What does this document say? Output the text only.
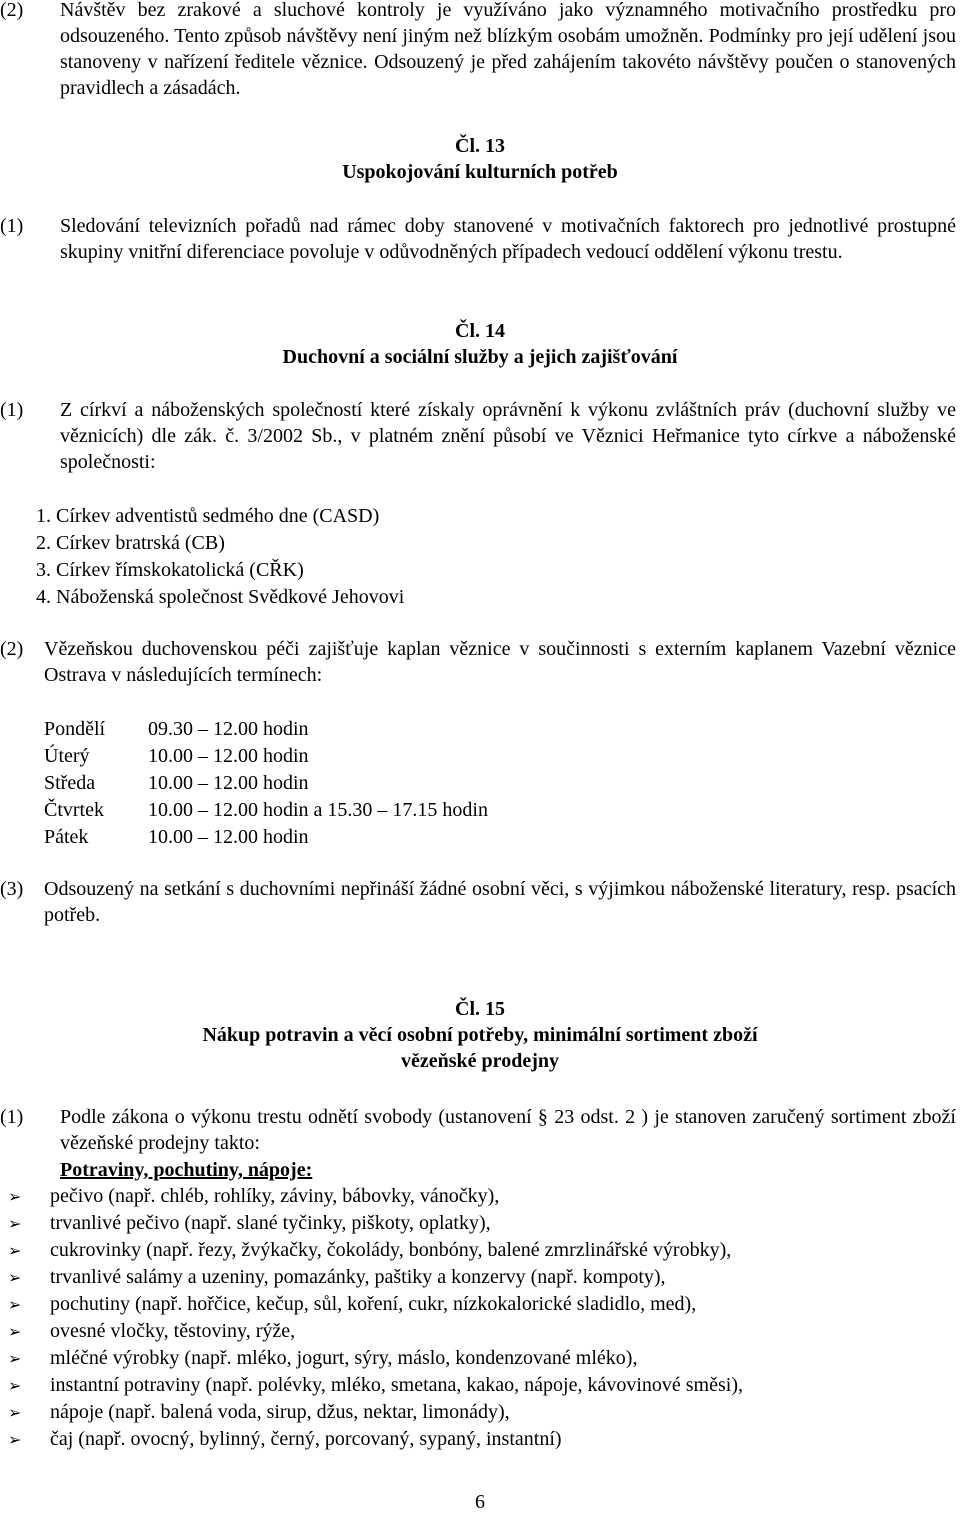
(2) Návštěv bez zrakové a sluchové kontroly je využíváno jako významného motivačního prostředku pro odsouzeného. Tento způsob návštěvy není jiným než blízkým osobám umožněn. Podmínky pro její udělení jsou stanoveny v nařízení ředitele věznice. Odsouzený je před zahájením takovéto návštěvy poučen o stanovených pravidlech a zásadách.
Čl. 13
Uspokojování kulturních potřeb
(1) Sledování televizních pořadů nad rámec doby stanovené v motivačních faktorech pro jednotlivé prostupné skupiny vnitřní diferenciace povoluje v odůvodněných případech vedoucí oddělení výkonu trestu.
Čl. 14
Duchovní a sociální služby a jejich zajišťování
(1) Z církví a náboženských společností které získaly oprávnění k výkonu zvláštních práv (duchovní služby ve věznicích) dle zák. č. 3/2002 Sb., v platném znění působí ve Věznici Heřmanice tyto církve a náboženské společnosti:
1. Církev adventistů sedmého dne (CASD)
2. Církev bratrská (CB)
3. Církev římskokatolická (CŘK)
4. Náboženská společnost Svědkové Jehovovi
(2) Vězeňskou duchovenskou péči zajišťuje kaplan věznice v součinnosti s externím kaplanem Vazební věznice Ostrava v následujících termínech:
Pondělí	09.30 – 12.00 hodin
Úterý	10.00 – 12.00 hodin
Středa	10.00 – 12.00 hodin
Čtvrtek	10.00 – 12.00 hodin a 15.30 – 17.15 hodin
Pátek	10.00 – 12.00 hodin
(3) Odsouzený na setkání s duchovními nepřináší žádné osobní věci, s výjimkou náboženské literatury, resp. psacích potřeb.
Čl. 15
Nákup potravin a věcí osobní potřeby, minimální sortiment zboží
vězeňské prodejny
(1) Podle zákona o výkonu trestu odnětí svobody (ustanovení § 23 odst. 2 ) je stanoven zaručený sortiment zboží vězeňské prodejny takto:
Potraviny, pochutiny, nápoje:
➢ pečivo (např. chléb, rohlíky, záviny, bábovky, vánočky),
➢ trvanlivé pečivo (např. slané tyčinky, piškoty, oplatky),
➢ cukrovinky (např. řezy, žvýkačky, čokolády, bonbóny, balené zmrzlinářské výrobky),
➢ trvanlivé salámy a uzeniny, pomazánky, paštiky a konzervy (např. kompoty),
➢ pochutiny (např. hořčice, kečup, sůl, koření, cukr, nízkokalorické sladidlo, med),
➢ ovesné vločky, těstoviny, rýže,
➢ mléčné výrobky (např. mléko, jogurt, sýry, máslo, kondenzované mléko),
➢ instantní potraviny (např. polévky, mléko, smetana, kakao, nápoje, kávovinové směsi),
➢ nápoje (např. balená voda, sirup, džus, nektar, limonády),
➢ čaj (např. ovocný, bylinný, černý, porcovaný, sypaný, instantní)
6
